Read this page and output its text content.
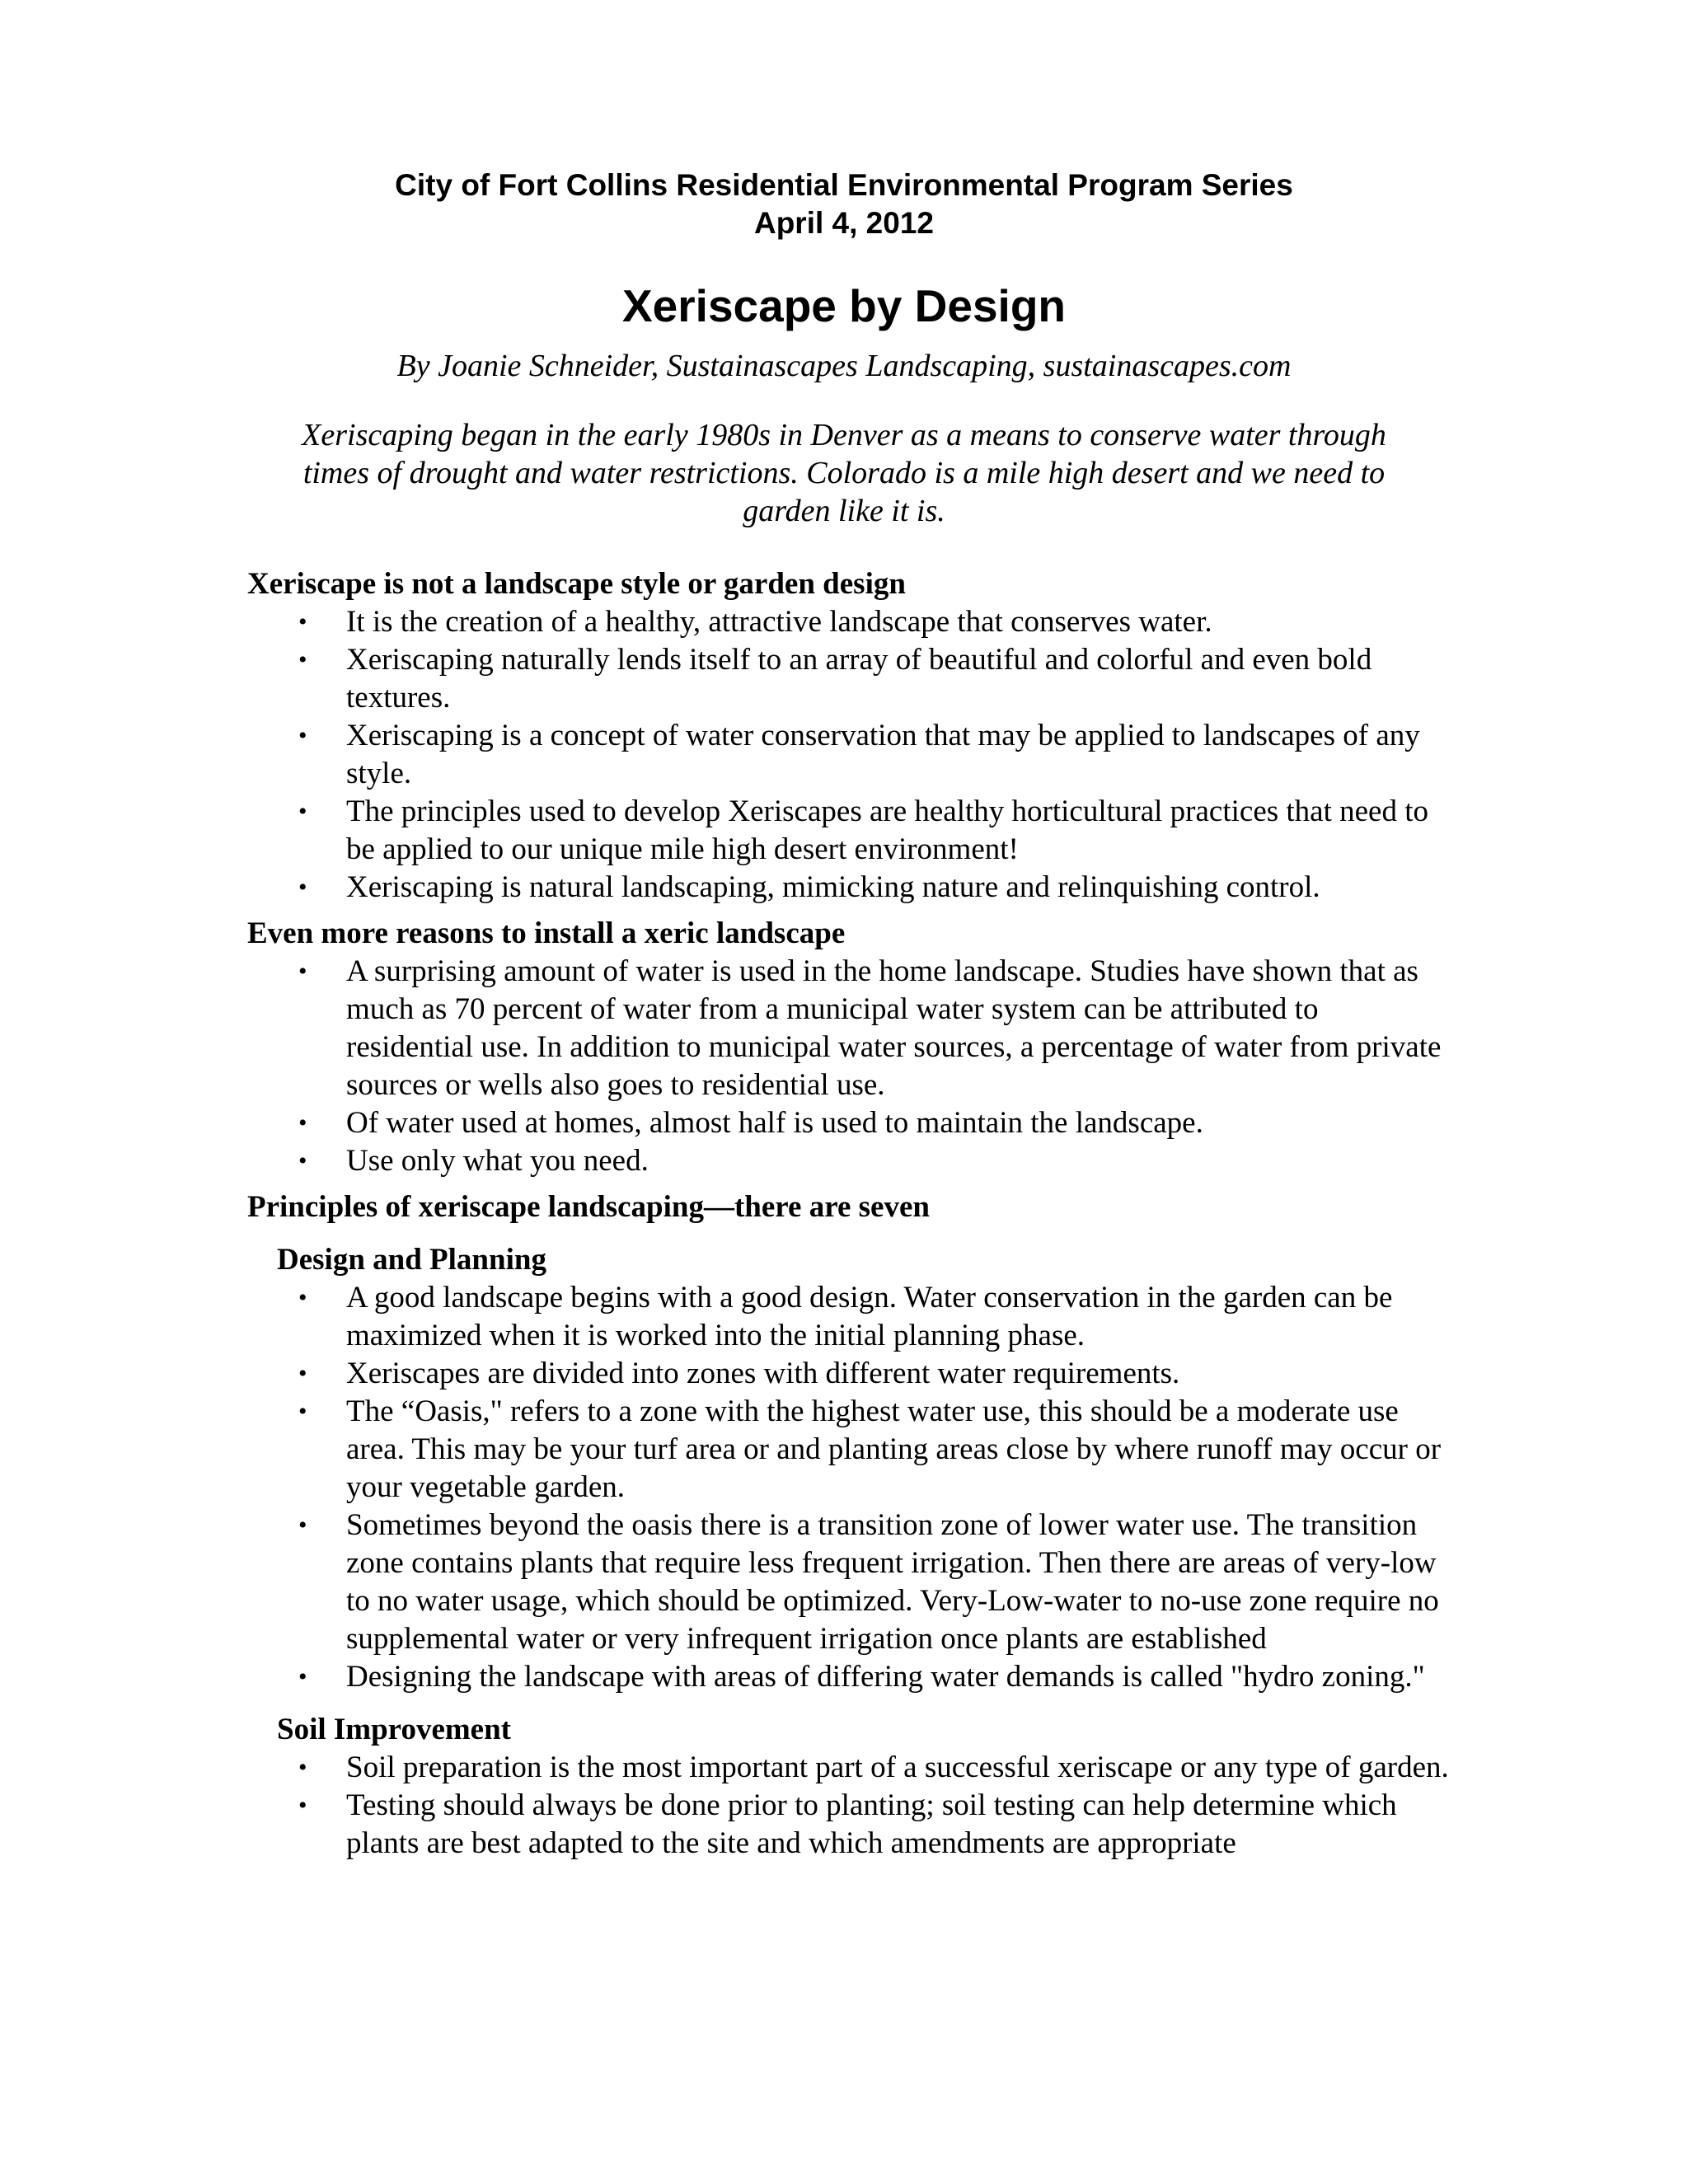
City of Fort Collins Residential Environmental Program Series
April 4, 2012
Xeriscape by Design
By Joanie Schneider, Sustainascapes Landscaping, sustainascapes.com

Xeriscaping began in the early 1980s in Denver as a means to conserve water through times of drought and water restrictions. Colorado is a mile high desert and we need to garden like it is.

Xeriscape is not a landscape style or garden design
• It is the creation of a healthy, attractive landscape that conserves water.
• Xeriscaping naturally lends itself to an array of beautiful and colorful and even bold textures.
• Xeriscaping is a concept of water conservation that may be applied to landscapes of any style.
• The principles used to develop Xeriscapes are healthy horticultural practices that need to be applied to our unique mile high desert environment!
• Xeriscaping is natural landscaping, mimicking nature and relinquishing control.
Even more reasons to install a xeric landscape
• A surprising amount of water is used in the home landscape. Studies have shown that as much as 70 percent of water from a municipal water system can be attributed to residential use. In addition to municipal water sources, a percentage of water from private sources or wells also goes to residential use.
• Of water used at homes, almost half is used to maintain the landscape.
• Use only what you need.
Principles of xeriscape landscaping—there are seven
Design and Planning
• A good landscape begins with a good design. Water conservation in the garden can be maximized when it is worked into the initial planning phase.
• Xeriscapes are divided into zones with different water requirements.
• The “Oasis," refers to a zone with the highest water use, this should be a moderate use area. This may be your turf area or and planting areas close by where runoff may occur or your vegetable garden.
• Sometimes beyond the oasis there is a transition zone of lower water use. The transition zone contains plants that require less frequent irrigation. Then there are areas of very-low to no water usage, which should be optimized. Very-Low-water to no-use zone require no supplemental water or very infrequent irrigation once plants are established
• Designing the landscape with areas of differing water demands is called "hydro zoning."
Soil Improvement
• Soil preparation is the most important part of a successful xeriscape or any type of garden.
• Testing should always be done prior to planting; soil testing can help determine which plants are best adapted to the site and which amendments are appropriate
